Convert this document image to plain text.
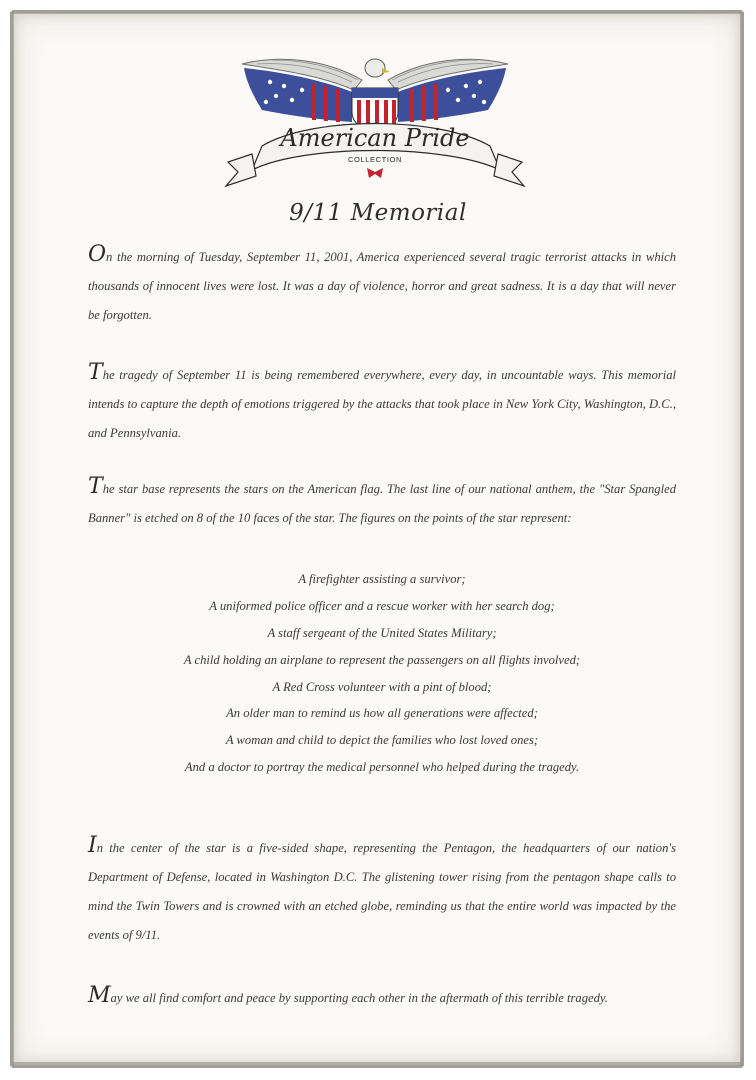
American Pride
COLLECTION
9/11 Memorial

On the morning of Tuesday, September 11, 2001, America experienced several tragic terrorist attacks in which thousands of innocent lives were lost. It was a day of violence, horror and great sadness. It is a day that will never be forgotten.

The tragedy of September 11 is being remembered everywhere, every day, in uncountable ways. This memorial intends to capture the depth of emotions triggered by the attacks that took place in New York City, Washington, D.C., and Pennsylvania.

The star base represents the stars on the American flag. The last line of our national anthem, the "Star Spangled Banner" is etched on 8 of the 10 faces of the star. The figures on the points of the star represent:

A firefighter assisting a survivor;
A uniformed police officer and a rescue worker with her search dog;
A staff sergeant of the United States Military;
A child holding an airplane to represent the passengers on all flights involved;
A Red Cross volunteer with a pint of blood;
An older man to remind us how all generations were affected;
A woman and child to depict the families who lost loved ones;
And a doctor to portray the medical personnel who helped during the tragedy.

In the center of the star is a five-sided shape, representing the Pentagon, the headquarters of our nation's Department of Defense, located in Washington D.C. The glistening tower rising from the pentagon shape calls to mind the Twin Towers and is crowned with an etched globe, reminding us that the entire world was impacted by the events of 9/11.

May we all find comfort and peace by supporting each other in the aftermath of this terrible tragedy.
